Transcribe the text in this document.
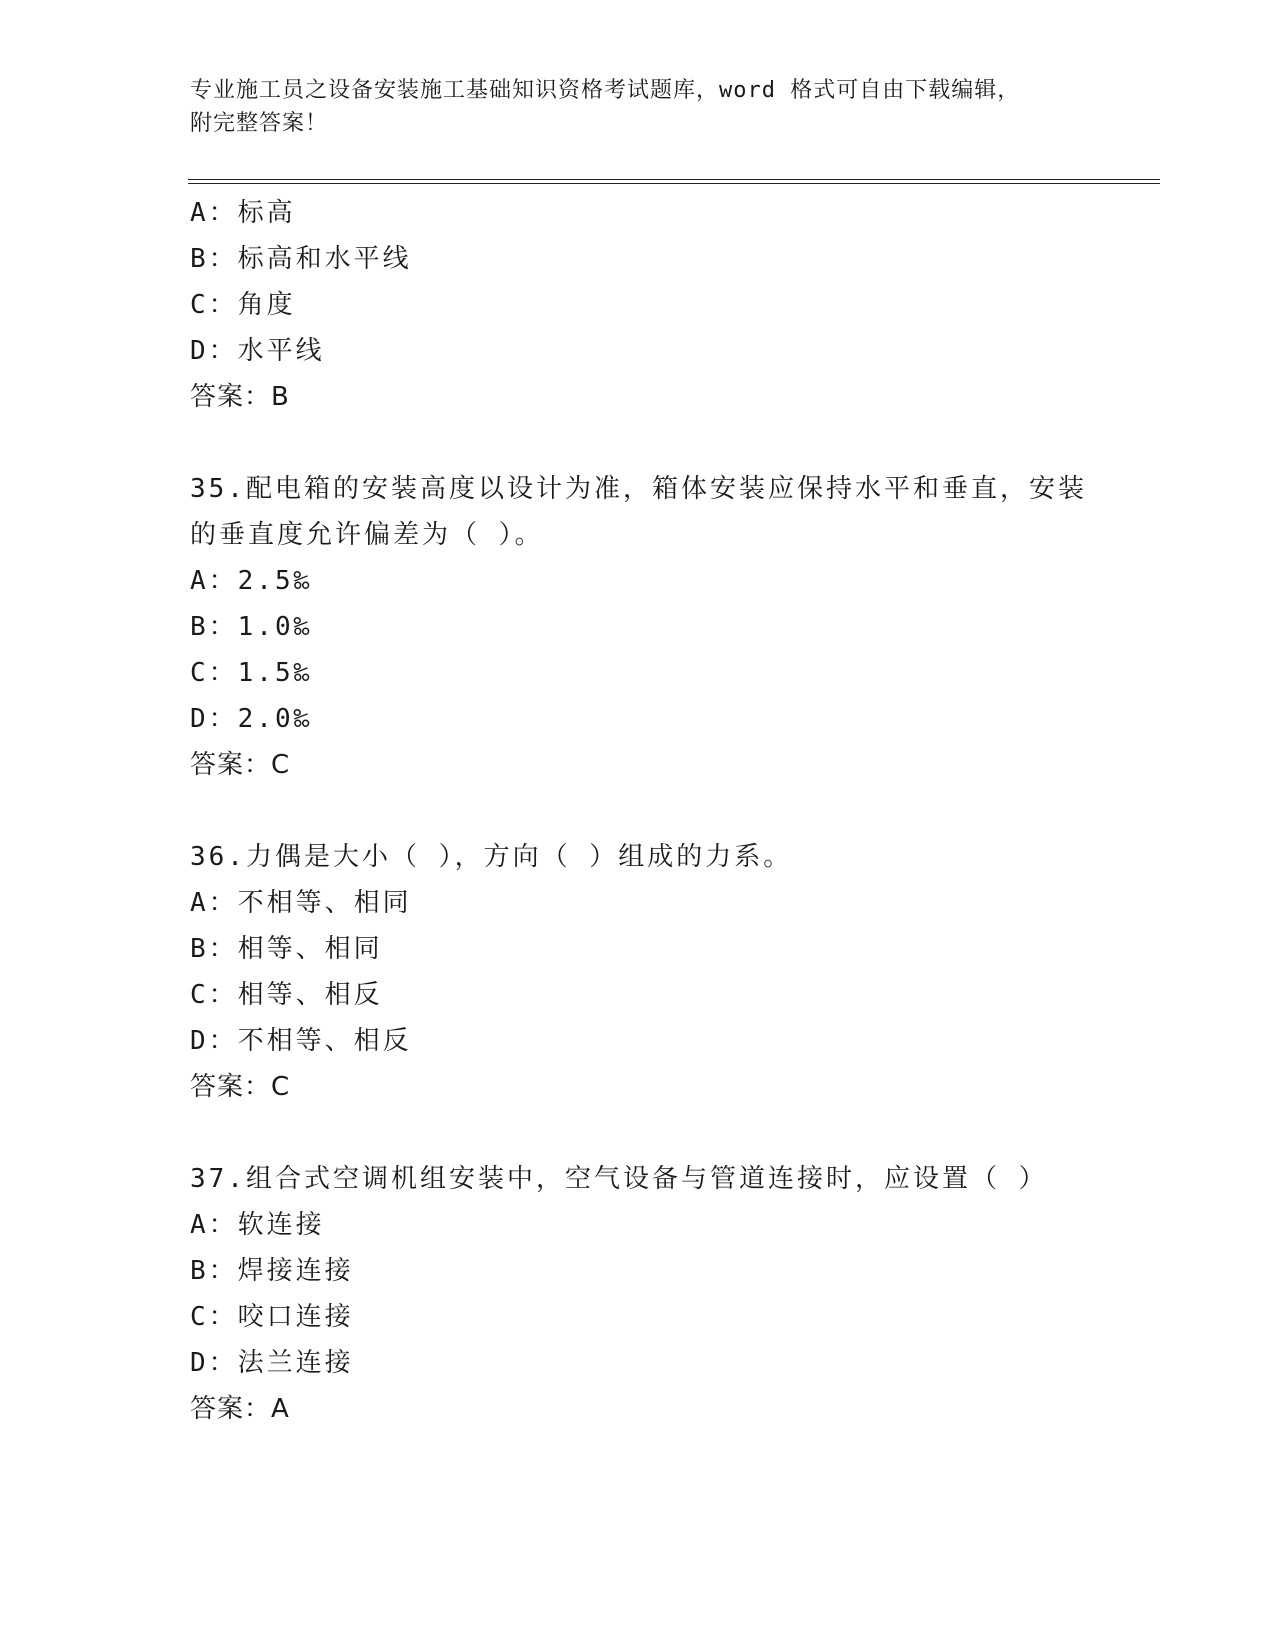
专业施工员之设备安装施工基础知识资格考试题库，word 格式可自由下载编辑，
附完整答案！
A：标高
B：标高和水平线
C：角度
D：水平线
答案：B
35.配电箱的安装高度以设计为准，箱体安装应保持水平和垂直，安装
的垂直度允许偏差为（ ）。
A：2.5‰
B：1.0‰
C：1.5‰
D：2.0‰
答案：C
36.力偶是大小（ ），方向（ ）组成的力系。
A：不相等、相同
B：相等、相同
C：相等、相反
D：不相等、相反
答案：C
37.组合式空调机组安装中，空气设备与管道连接时，应设置（ ）
A：软连接
B：焊接连接
C：咬口连接
D：法兰连接
答案：A
